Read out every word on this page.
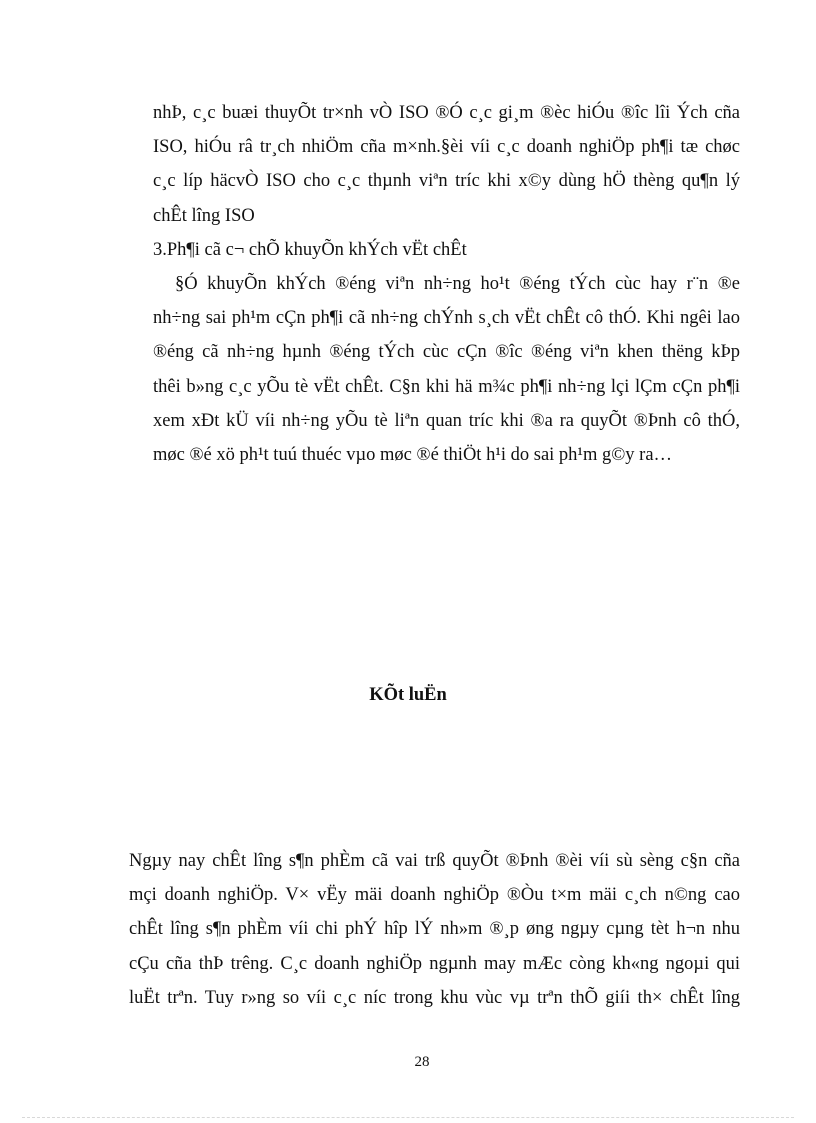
nhÞ, c¸c buæi thuyÕt tr×nh vÒ ISO ®Ó c¸c gi¸m ®èc hiÓu ®îc lîi Ých cña
ISO, hiÓu râ tr¸ch nhiÖm cña m×nh.§èi víi c¸c doanh nghiÖp ph¶i tæ chøc
c¸c líp häcvÒ ISO cho c¸c thµnh viªn tríc khi x©y dùng hÖ thèng qu¶n lý
chÊt lîng ISO
3.Ph¶i cã c¬ chÕ khuyÕn khÝch vËt chÊt
§Ó khuyÕn khÝch ®éng viªn nh÷ng ho¹t ®éng tÝch cùc hay r¨n ®e
nh÷ng sai ph¹m cÇn ph¶i cã nh÷ng chÝnh s¸ch vËt chÊt cô thÓ. Khi ngêi lao
®éng cã nh÷ng hµnh ®éng tÝch cùc cÇn ®îc ®éng viªn khen thëng kÞp
thêi b»ng c¸c yÕu tè vËt chÊt. C§n khi hä m¾c ph¶i nh÷ng lçi lÇm cÇn ph¶i
xem xÐt kÜ víi nh÷ng yÕu tè liªn quan tríc khi ®a ra quyÕt ®Þnh cô thÓ,
møc ®é xö ph¹t tuú thuéc vµo møc ®é thiÖt h¹i do sai ph¹m g©y ra…
KÕt luËn
Ngµy nay chÊt lîng s¶n phÈm cã vai trß quyÕt ®Þnh ®èi víi sù sèng c§n cña
mçi doanh nghiÖp. V× vËy mäi doanh nghiÖp ®Òu t×m mäi c¸ch n©ng cao
chÊt lîng s¶n phÈm víi chi phÝ hîp lÝ nh»m ®¸p øng ngµy cµng tèt h¬n nhu
cÇu cña thÞ trêng. C¸c doanh nghiÖp ngµnh may mÆc còng kh«ng ngoµi qui
luËt trªn. Tuy r»ng so víi c¸c níc trong khu vùc vµ trªn thÕ giíi th× chÊt lîng
28
